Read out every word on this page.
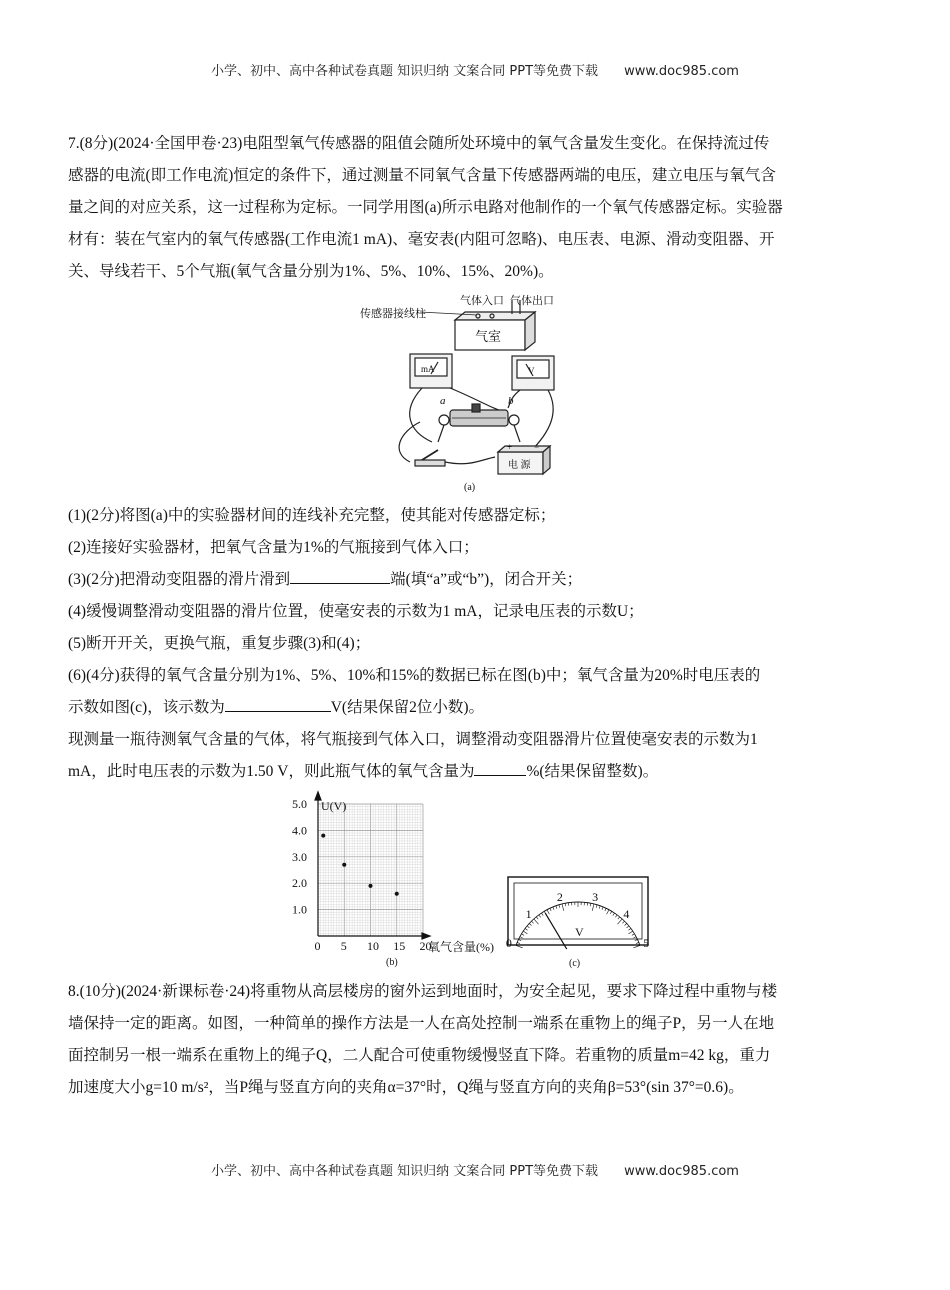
小学、初中、高中各种试卷真题 知识归纳 文案合同 PPT等免费下载 www.doc985.com

7.(8分)(2024·全国甲卷·23)电阻型氧气传感器的阻值会随所处环境中的氧气含量发生变化。在保持流过传

感器的电流(即工作电流)恒定的条件下，通过测量不同氧气含量下传感器两端的电压，建立电压与氧气含

量之间的对应关系，这一过程称为定标。一同学用图(a)所示电路对他制作的一个氧气传感器定标。实验器

材有：装在气室内的氧气传感器(工作电流1 mA)、毫安表(内阻可忽略)、电压表、电源、滑动变阻器、开

关、导线若干、5个气瓶(氧气含量分别为1%、5%、10%、15%、20%)。

气体入口 气体出口
传感器接线柱
气室
mA	V
a	b
+ −
电 源
(a)

(1)(2分)将图(a)中的实验器材间的连线补充完整，使其能对传感器定标；

(2)连接好实验器材，把氧气含量为1%的气瓶接到气体入口；

(3)(2分)把滑动变阻器的滑片滑到	端(填“a”或“b”)，闭合开关；

(4)缓慢调整滑动变阻器的滑片位置，使毫安表的示数为1 mA，记录电压表的示数U；

(5)断开开关，更换气瓶，重复步骤(3)和(4)；

(6)(4分)获得的氧气含量分别为1%、5%、10%和15%的数据已标在图(b)中；氧气含量为20%时电压表的

示数如图(c)，该示数为	V(结果保留2位小数)。

现测量一瓶待测氧气含量的气体，将气瓶接到气体入口，调整滑动变阻器滑片位置使毫安表的示数为1

mA，此时电压表的示数为1.50 V，则此瓶气体的氧气含量为	%(结果保留整数)。

0 5 10 15 20
1.0
2.0
3.0
4.0
5.0 U(V)
氧气含量(%)
(b)
0
1
2 3
4
5
V
(c)

8.(10分)(2024·新课标卷·24)将重物从高层楼房的窗外运到地面时，为安全起见，要求下降过程中重物与楼

墙保持一定的距离。如图，一种简单的操作方法是一人在高处控制一端系在重物上的绳子P，另一人在地

面控制另一根一端系在重物上的绳子Q，二人配合可使重物缓慢竖直下降。若重物的质量m=42 kg，重力

加速度大小g=10 m/s²，当P绳与竖直方向的夹角α=37°时，Q绳与竖直方向的夹角β=53°(sin 37°=0.6)。

小学、初中、高中各种试卷真题 知识归纳 文案合同 PPT等免费下载 www.doc985.com
